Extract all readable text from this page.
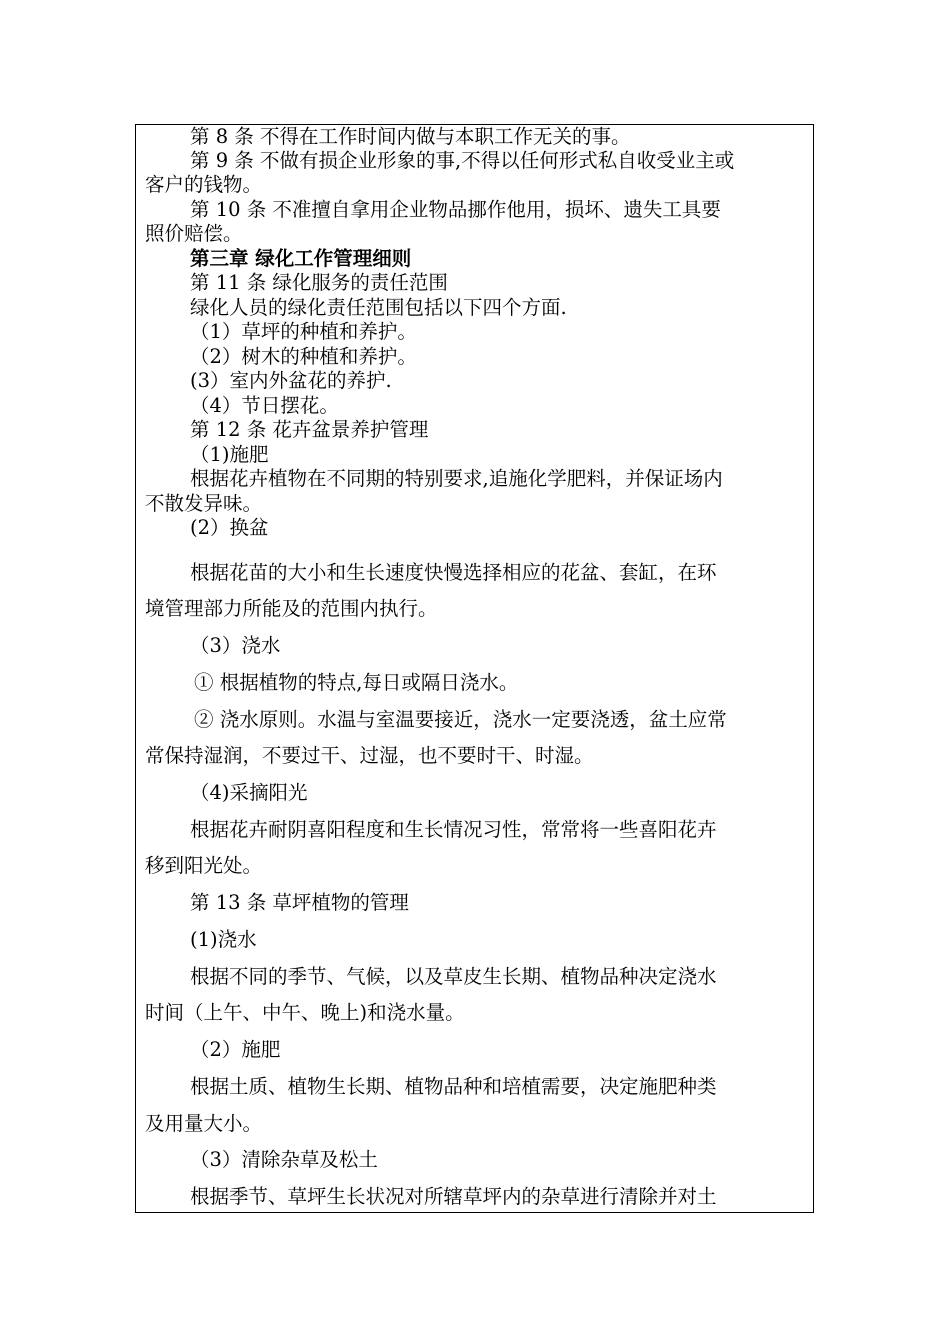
第 8 条 不得在工作时间内做与本职工作无关的事。
第 9 条 不做有损企业形象的事,不得以任何形式私自收受业主或
客户的钱物。
第 10 条 不准擅自拿用企业物品挪作他用，损坏、遗失工具要
照价赔偿。
第三章 绿化工作管理细则
第 11 条 绿化服务的责任范围
绿化人员的绿化责任范围包括以下四个方面.
（1）草坪的种植和养护。
（2）树木的种植和养护。
(3）室内外盆花的养护.
（4）节日摆花。
第 12 条 花卉盆景养护管理
（1)施肥
根据花卉植物在不同期的特别要求,追施化学肥料，并保证场内
不散发异味。
(2）换盆
根据花苗的大小和生长速度快慢选择相应的花盆、套缸，在环
境管理部力所能及的范围内执行。
（3）浇水
① 根据植物的特点,每日或隔日浇水。
② 浇水原则。水温与室温要接近，浇水一定要浇透，盆土应常
常保持湿润，不要过干、过湿，也不要时干、时湿。
（4)采摘阳光
根据花卉耐阴喜阳程度和生长情况习性，常常将一些喜阳花卉
移到阳光处。
第 13 条 草坪植物的管理
(1)浇水
根据不同的季节、气候，以及草皮生长期、植物品种决定浇水
时间（上午、中午、晚上)和浇水量。
（2）施肥
根据土质、植物生长期、植物品种和培植需要，决定施肥种类
及用量大小。
（3）清除杂草及松土
根据季节、草坪生长状况对所辖草坪内的杂草进行清除并对土
